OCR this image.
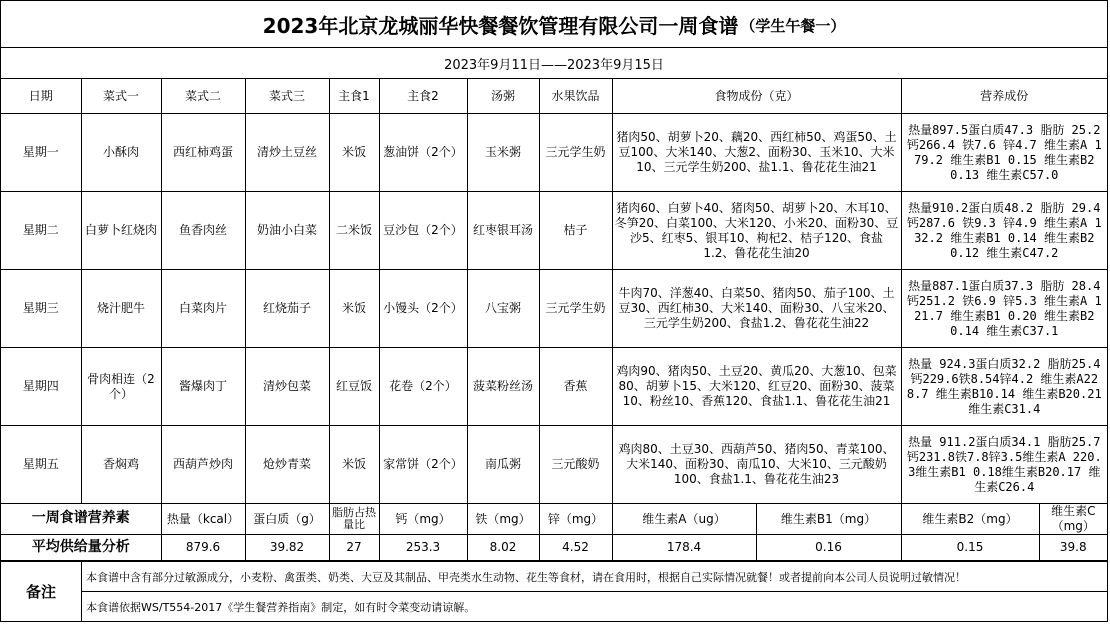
2023年北京龙城丽华快餐餐饮管理有限公司一周食谱 （学生午餐一）
2023年9月11日——2023年9月15日
日期	菜式一	菜式二	菜式三	主食1	主食2	汤粥	水果饮品	食物成份（克）		营养成份	
星期一	小酥肉	西红柿鸡蛋	清炒土豆丝	米饭	葱油饼（2个）	玉米粥	三元学生奶	猪肉50、胡萝卜20、藕20、西红柿50、鸡蛋50、土豆100、大米140、大葱2、面粉30、玉米10、大米10、三元学生奶200、盐1.1、鲁花花生油21		热量897.5蛋白质47.3 脂肪 25.2 钙266.4 铁7.6 锌4.7 维生素A 179.2 维生素B1 0.15 维生素B2 0.13 维生素C57.0	
星期二	白萝卜红烧肉	鱼香肉丝	奶油小白菜	二米饭	豆沙包（2个）	红枣银耳汤	桔子	猪肉60、白萝卜40、猪肉50、胡萝卜20、木耳10、冬笋20、白菜100、大米120、小米20、面粉30、豆沙5、红枣5、银耳10、枸杞2、桔子120、食盐1.2、鲁花花生油20		热量910.2蛋白质48.2 脂肪 29.4 钙287.6 铁9.3 锌4.9 维生素A 132.2 维生素B1 0.14 维生素B2 0.12 维生素C47.2	
星期三	烧汁肥牛	白菜肉片	红烧茄子	米饭	小馒头（2个）	八宝粥	三元学生奶	牛肉70、洋葱40、白菜50、猪肉50、茄子100、土豆30、西红柿30、大米140、面粉30、八宝米20、三元学生奶200、食盐1.2、鲁花花生油22		热量887.1蛋白质37.3 脂肪 28.4 钙251.2 铁6.9 锌5.3 维生素A 121.7 维生素B1 0.20 维生素B2 0.14 维生素C37.1	
星期四	骨肉相连（2个）	酱爆肉丁	清炒包菜	红豆饭	花卷（2个）	菠菜粉丝汤	香蕉	鸡肉90、猪肉50、土豆20、黄瓜20、大葱10、包菜80、胡萝卜15、大米120、红豆20、面粉30、菠菜10、粉丝10、香蕉120、食盐1.1、鲁花花生油21		热量 924.3蛋白质32.2 脂肪25.4钙229.6铁8.54锌4.2 维生素A228.7 维生素B10.14 维生素B20.21 维生素C31.4	
星期五	香焖鸡	西葫芦炒肉	炝炒青菜	米饭	家常饼（2个）	南瓜粥	三元酸奶	鸡肉80、土豆30、西葫芦50、猪肉50、青菜100、大米140、面粉30、南瓜10、大米10、三元酸奶100、食盐1.1、鲁花花生油23		热量 911.2蛋白质34.1 脂肪25.7 钙231.8铁7.8锌3.5维生素A 220.3维生素B1 0.18维生素B20.17 维生素C26.4	
一周食谱营养素		热量（kcal）	蛋白质（g）	脂肪占热量比	钙（mg）	铁（mg）	锌（mg）	维生素A（ug）	维生素B1（mg）	维生素B2（mg）	维生素C（mg）
平均供给量分析		879.6	39.82	27	253.3	8.02	4.52	178.4	0.16	0.15	39.8
备注
本食谱中含有部分过敏源成分，小麦粉、禽蛋类、奶类、大豆及其制品、甲壳类水生动物、花生等食材，请在食用时，根据自己实际情况就餐！或者提前向本公司人员说明过敏情况！
本食谱依据WS/T554-2017《学生餐营养指南》制定，如有时令菜变动请谅解。
